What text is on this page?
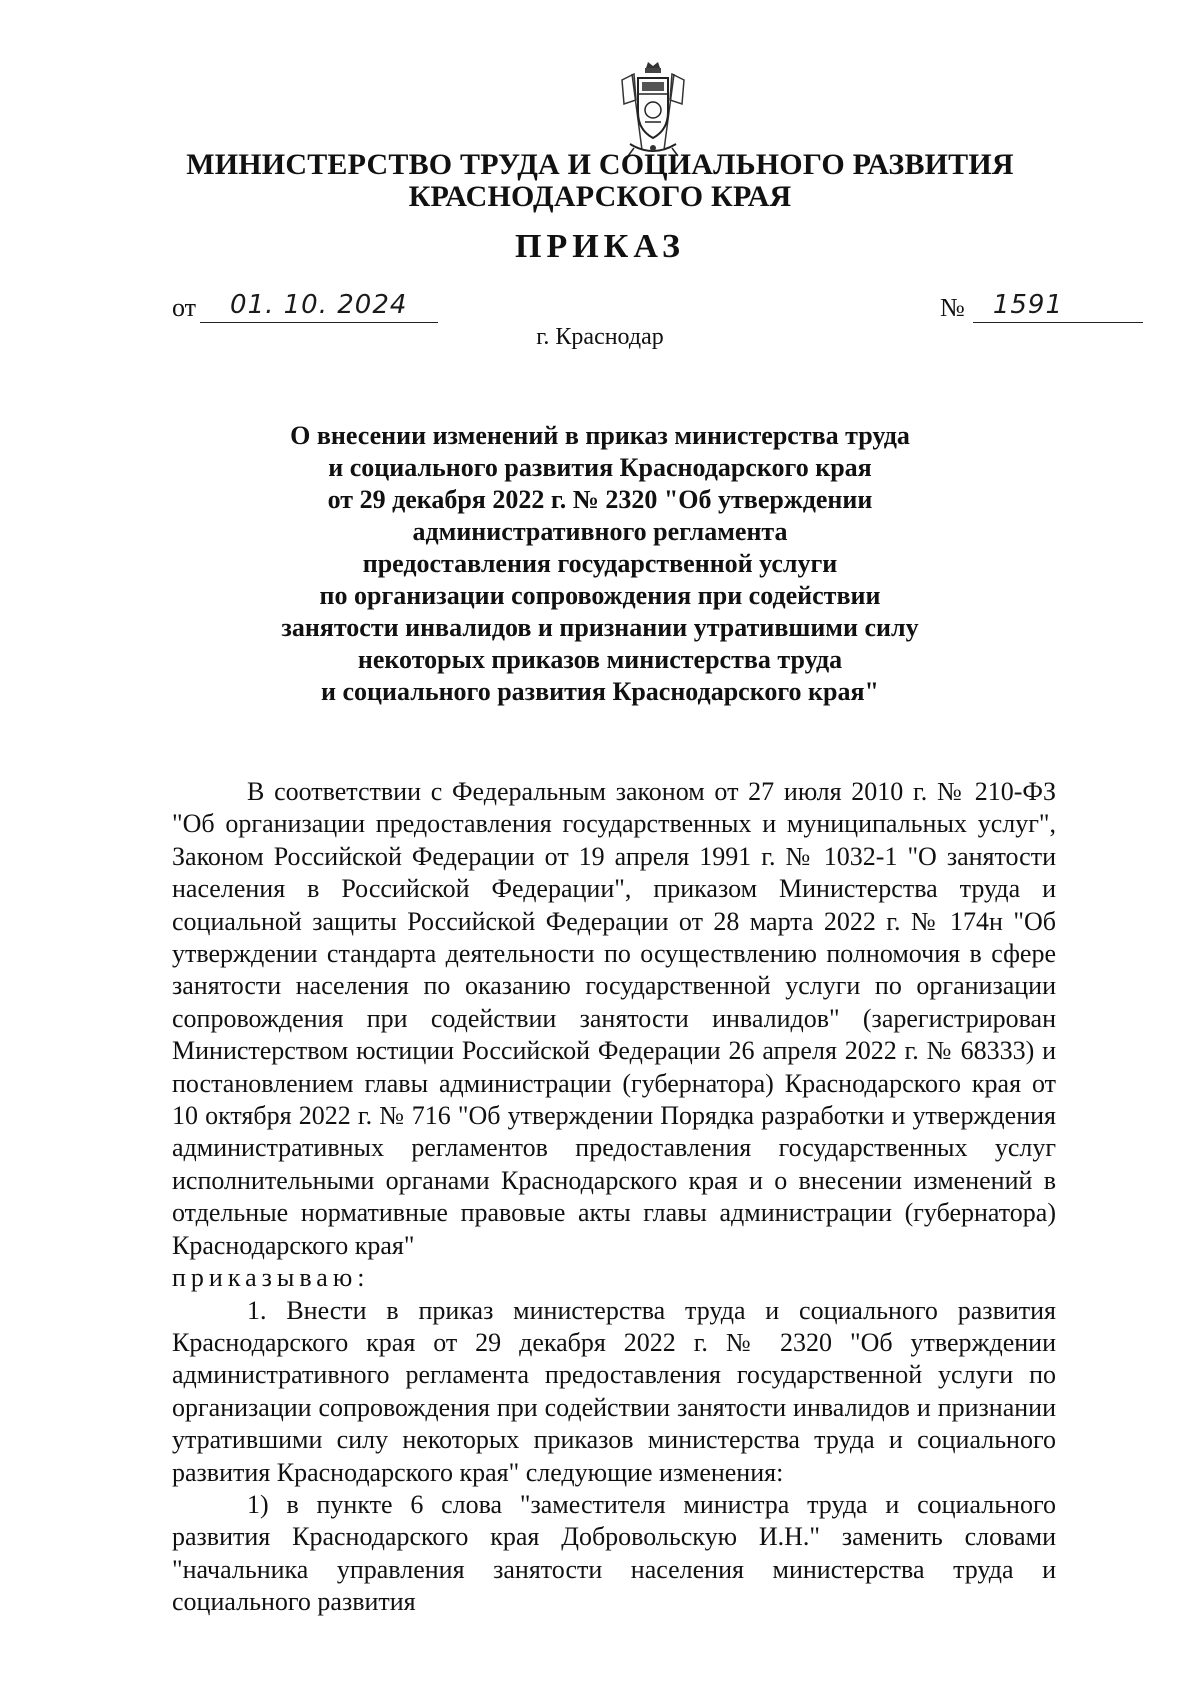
МИНИСТЕРСТВО ТРУДА И СОЦИАЛЬНОГО РАЗВИТИЯ
КРАСНОДАРСКОГО КРАЯ
ПРИКАЗ
от 01. 10. 2024	№ 1591
г. Краснодар
О внесении изменений в приказ министерства труда
и социального развития Краснодарского края
от 29 декабря 2022 г. № 2320 "Об утверждении
административного регламента
предоставления государственной услуги
по организации сопровождения при содействии
занятости инвалидов и признании утратившими силу
некоторых приказов министерства труда
и социального развития Краснодарского края"

В соответствии с Федеральным законом от 27 июля 2010 г. № 210-ФЗ "Об организации предоставления государственных и муниципальных услуг", Законом Российской Федерации от 19 апреля 1991 г. № 1032-1 "О занятости населения в Российской Федерации", приказом Министерства труда и социальной защиты Российской Федерации от 28 марта 2022 г. № 174н "Об утверждении стандарта деятельности по осуществлению полномочия в сфере занятости населения по оказанию государственной услуги по организации сопровождения при содействии занятости инвалидов" (зарегистрирован Министерством юстиции Российской Федерации 26 апреля 2022 г. № 68333) и постановлением главы администрации (губернатора) Краснодарского края от 10 октября 2022 г. № 716 "Об утверждении Порядка разработки и утверждения административных регламентов предоставления государственных услуг исполнительными органами Краснодарского края и о внесении изменений в отдельные нормативные правовые акты главы администрации (губернатора) Краснодарского края"

приказываю:

1. Внести в приказ министерства труда и социального развития Краснодарского края от 29 декабря 2022 г. № 2320 "Об утверждении административного регламента предоставления государственной услуги по организации сопровождения при содействии занятости инвалидов и признании утратившими силу некоторых приказов министерства труда и социального развития Краснодарского края" следующие изменения:

1) в пункте 6 слова "заместителя министра труда и социального развития Краснодарского края Добровольскую И.Н." заменить словами "начальника управления занятости населения министерства труда и социального развития
